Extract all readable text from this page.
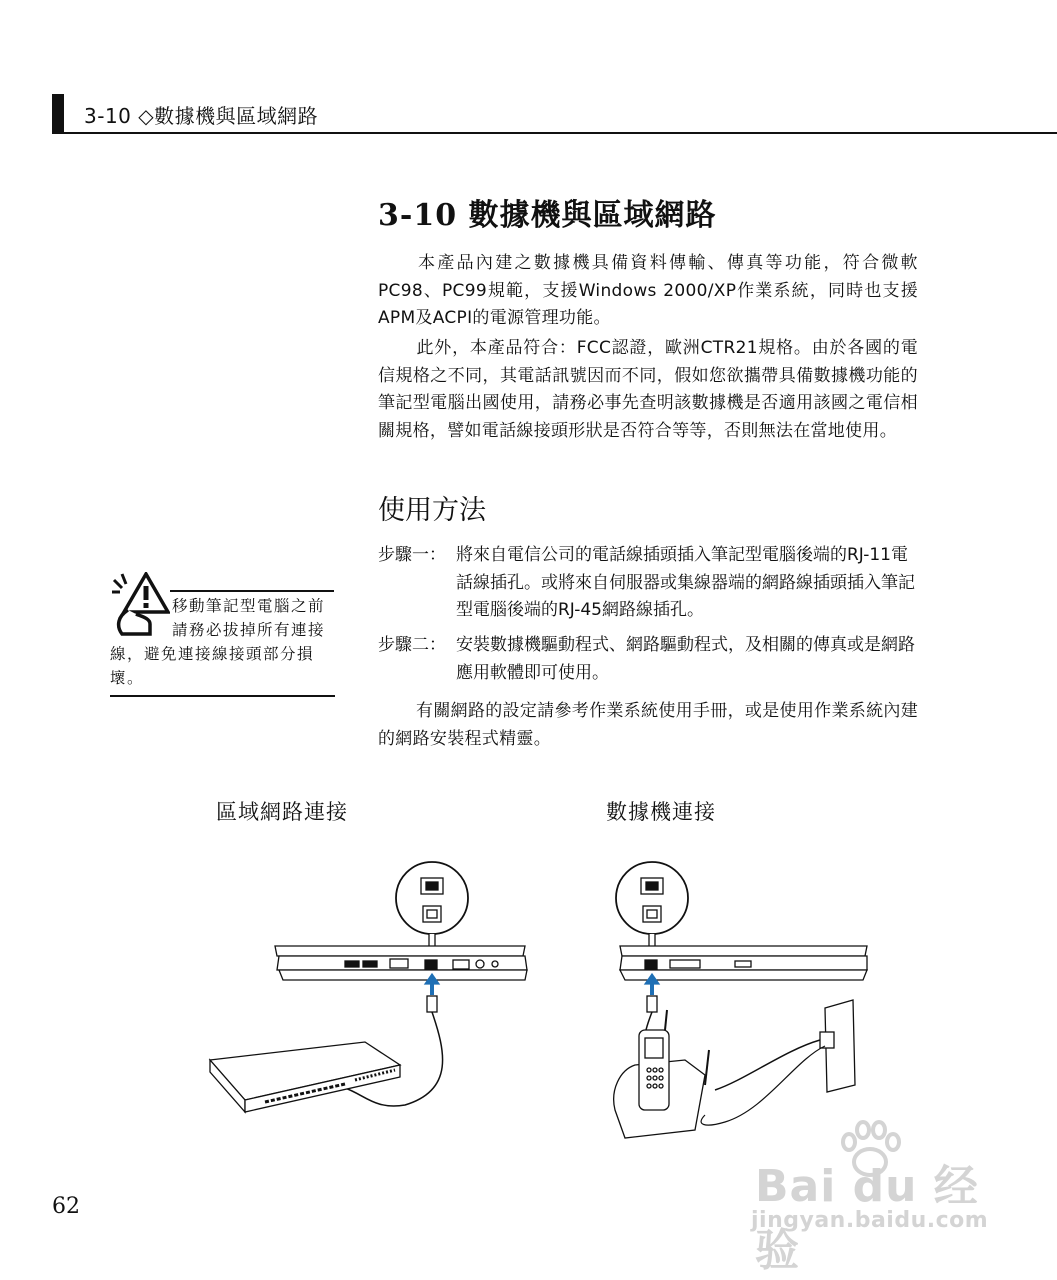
3-10 ◇數據機與區域網路
3-10 數據機與區域網路
本產品內建之數據機具備資料傳輸、傳真等功能，符合微軟PC98、PC99規範，支援Windows 2000/XP作業系統，同時也支援APM及ACPI的電源管理功能。
此外，本產品符合：FCC認證，歐洲CTR21規格。由於各國的電信規格之不同，其電話訊號因而不同，假如您欲攜帶具備數據機功能的筆記型電腦出國使用，請務必事先查明該數據機是否適用該國之電信相關規格，譬如電話線接頭形狀是否符合等等，否則無法在當地使用。
使用方法
步驟一： 將來自電信公司的電話線插頭插入筆記型電腦後端的RJ-11電話線插孔。或將來自伺服器或集線器端的網路線插頭插入筆記型電腦後端的RJ-45網路線插孔。
步驟二： 安裝數據機驅動程式、網路驅動程式，及相關的傳真或是網路應用軟體即可使用。
有關網路的設定請參考作業系統使用手冊，或是使用作業系統內建的網路安裝程式精靈。
移動筆記型電腦之前
請務必拔掉所有連接
線，避免連接線接頭部分損壞。
區域網路連接	數據機連接
62	Bai du 经验
jingyan.baidu.com
